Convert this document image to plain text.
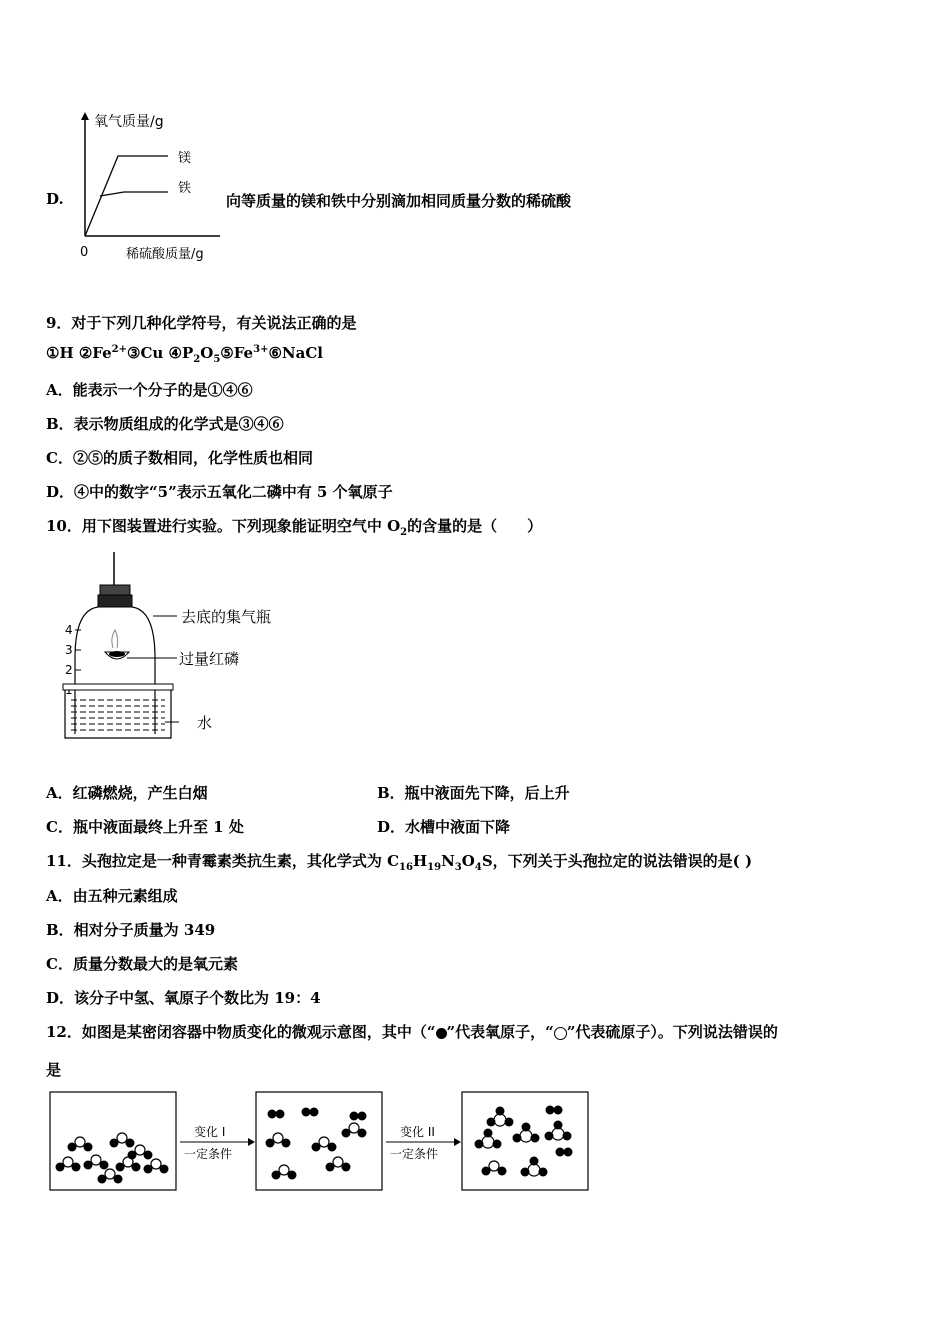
D.
氧气质量/g
镁
铁
0	稀硫酸质量/g
向等质量的镁和铁中分别滴加相同质量分数的稀硫酸
9．对于下列几种化学符号，有关说法正确的是
①H $②Fe^{2+}③Cu$ $④P_2O_5⑤Fe^{3+}⑥NaCl$
A．能表示一个分子的是①④⑥
B．表示物质组成的化学式是③④⑥
C．②⑤的质子数相同，化学性质也相同
D．④中的数字“5”表示五氧化二磷中有 5 个氧原子
10．用下图装置进行实验。下列现象能证明空气中 $O_2$的含量的是（　　）
4
3
2
去底的集气瓶
过量红磷
水
A．红磷燃烧，产生白烟	B．瓶中液面先下降，后上升
C．瓶中液面最终上升至 1 处	D．水槽中液面下降
11．头孢拉定是一种青霉素类抗生素，其化学式为 $C_{16}H_{19}N_3O_4S$，下列关于头孢拉定的说法错误的是( )
A．由五种元素组成
B．相对分子质量为 349
C．质量分数最大的是氧元素
D．该分子中氢、氧原子个数比为 19：4
12．如图是某密闭容器中物质变化的微观示意图，其中（“ ”代表氧原子，“ ”代表硫原子）。下列说法错误的
是
变化 I
一定条件
变化 II
一定条件
